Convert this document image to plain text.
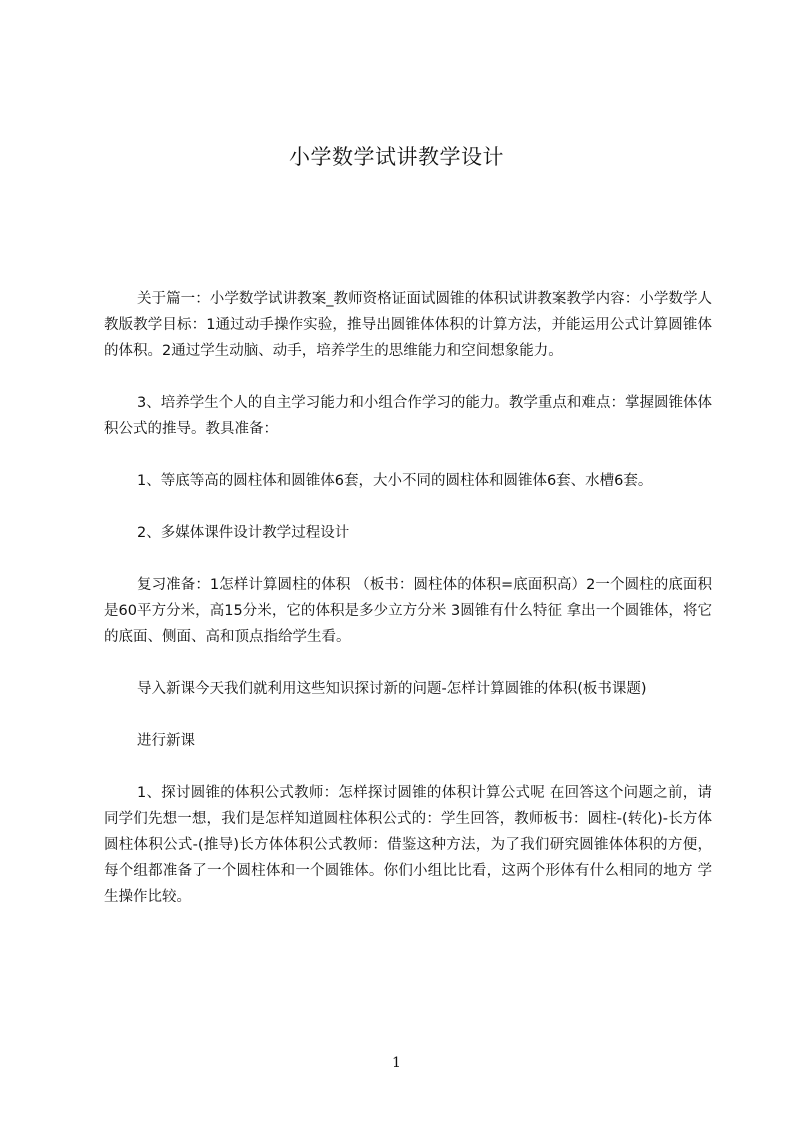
小学数学试讲教学设计

关于篇一：小学数学试讲教案_教师资格证面试圆锥的体积试讲教案教学内容：小学数学人教版教学目标：1通过动手操作实验，推导出圆锥体体积的计算方法，并能运用公式计算圆锥体的体积。2通过学生动脑、动手，培养学生的思维能力和空间想象能力。

3、培养学生个人的自主学习能力和小组合作学习的能力。教学重点和难点：掌握圆锥体体积公式的推导。教具准备：

1、等底等高的圆柱体和圆锥体6套，大小不同的圆柱体和圆锥体6套、水槽6套。

2、多媒体课件设计教学过程设计

复习准备：1怎样计算圆柱的体积 （板书：圆柱体的体积=底面积高）2一个圆柱的底面积是60平方分米，高15分米，它的体积是多少立方分米 3圆锥有什么特征 拿出一个圆锥体，将它的底面、侧面、高和顶点指给学生看。

导入新课今天我们就利用这些知识探讨新的问题-怎样计算圆锥的体积(板书课题)

进行新课

1、探讨圆锥的体积公式教师：怎样探讨圆锥的体积计算公式呢 在回答这个问题之前，请同学们先想一想，我们是怎样知道圆柱体积公式的：学生回答，教师板书：圆柱-(转化)-长方体圆柱体积公式-(推导)长方体体积公式教师：借鉴这种方法，为了我们研究圆锥体体积的方便，每个组都准备了一个圆柱体和一个圆锥体。你们小组比比看，这两个形体有什么相同的地方 学生操作比较。

1
